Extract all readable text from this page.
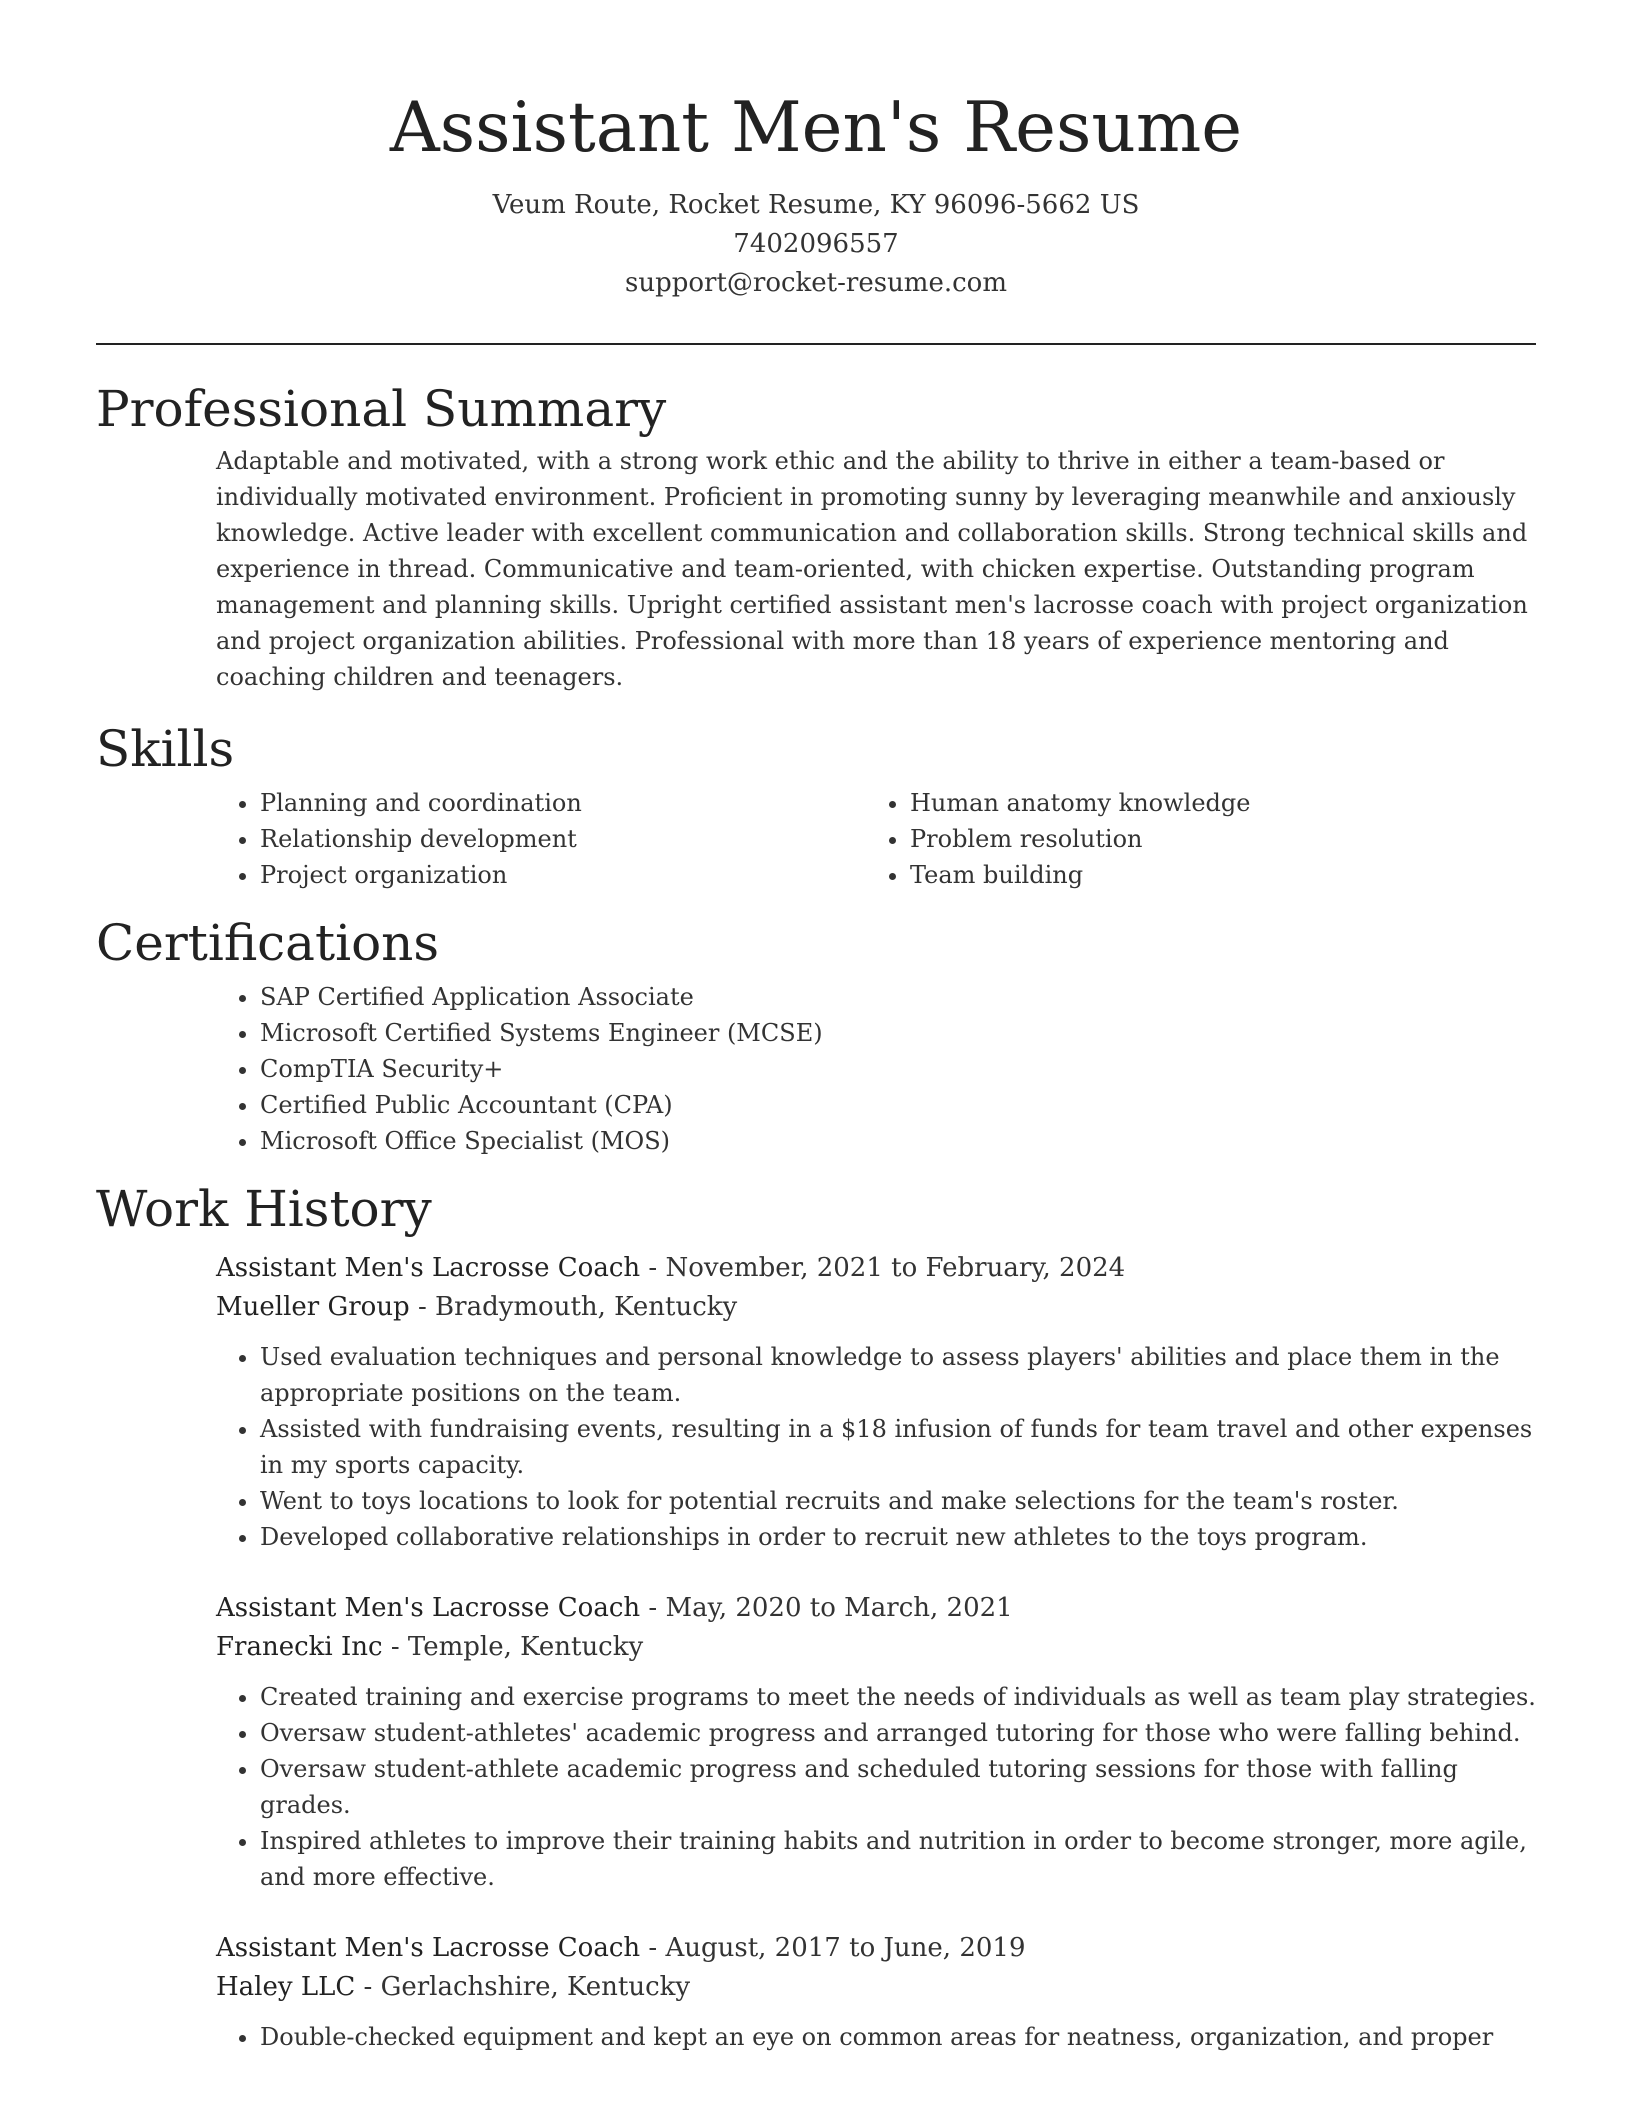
Assistant Men's Resume
Veum Route, Rocket Resume, KY 96096-5662 US
7402096557
support@rocket-resume.com
Professional Summary
Adaptable and motivated, with a strong work ethic and the ability to thrive in either a team-based or individually motivated environment. Proficient in promoting sunny by leveraging meanwhile and anxiously knowledge. Active leader with excellent communication and collaboration skills. Strong technical skills and experience in thread. Communicative and team-oriented, with chicken expertise. Outstanding program management and planning skills. Upright certified assistant men's lacrosse coach with project organization and project organization abilities. Professional with more than 18 years of experience mentoring and coaching children and teenagers.
Skills
• Planning and coordination
• Relationship development
• Project organization
• Human anatomy knowledge
• Problem resolution
• Team building
Certifications
• SAP Certified Application Associate
• Microsoft Certified Systems Engineer (MCSE)
• CompTIA Security+
• Certified Public Accountant (CPA)
• Microsoft Office Specialist (MOS)
Work History
Assistant Men's Lacrosse Coach - November, 2021 to February, 2024
Mueller Group - Bradymouth, Kentucky
• Used evaluation techniques and personal knowledge to assess players' abilities and place them in the appropriate positions on the team.
• Assisted with fundraising events, resulting in a $18 infusion of funds for team travel and other expenses in my sports capacity.
• Went to toys locations to look for potential recruits and make selections for the team's roster.
• Developed collaborative relationships in order to recruit new athletes to the toys program.
Assistant Men's Lacrosse Coach - May, 2020 to March, 2021
Franecki Inc - Temple, Kentucky
• Created training and exercise programs to meet the needs of individuals as well as team play strategies.
• Oversaw student-athletes' academic progress and arranged tutoring for those who were falling behind.
• Oversaw student-athlete academic progress and scheduled tutoring sessions for those with falling grades.
• Inspired athletes to improve their training habits and nutrition in order to become stronger, more agile, and more effective.
Assistant Men's Lacrosse Coach - August, 2017 to June, 2019
Haley LLC - Gerlachshire, Kentucky
• Double-checked equipment and kept an eye on common areas for neatness, organization, and proper
